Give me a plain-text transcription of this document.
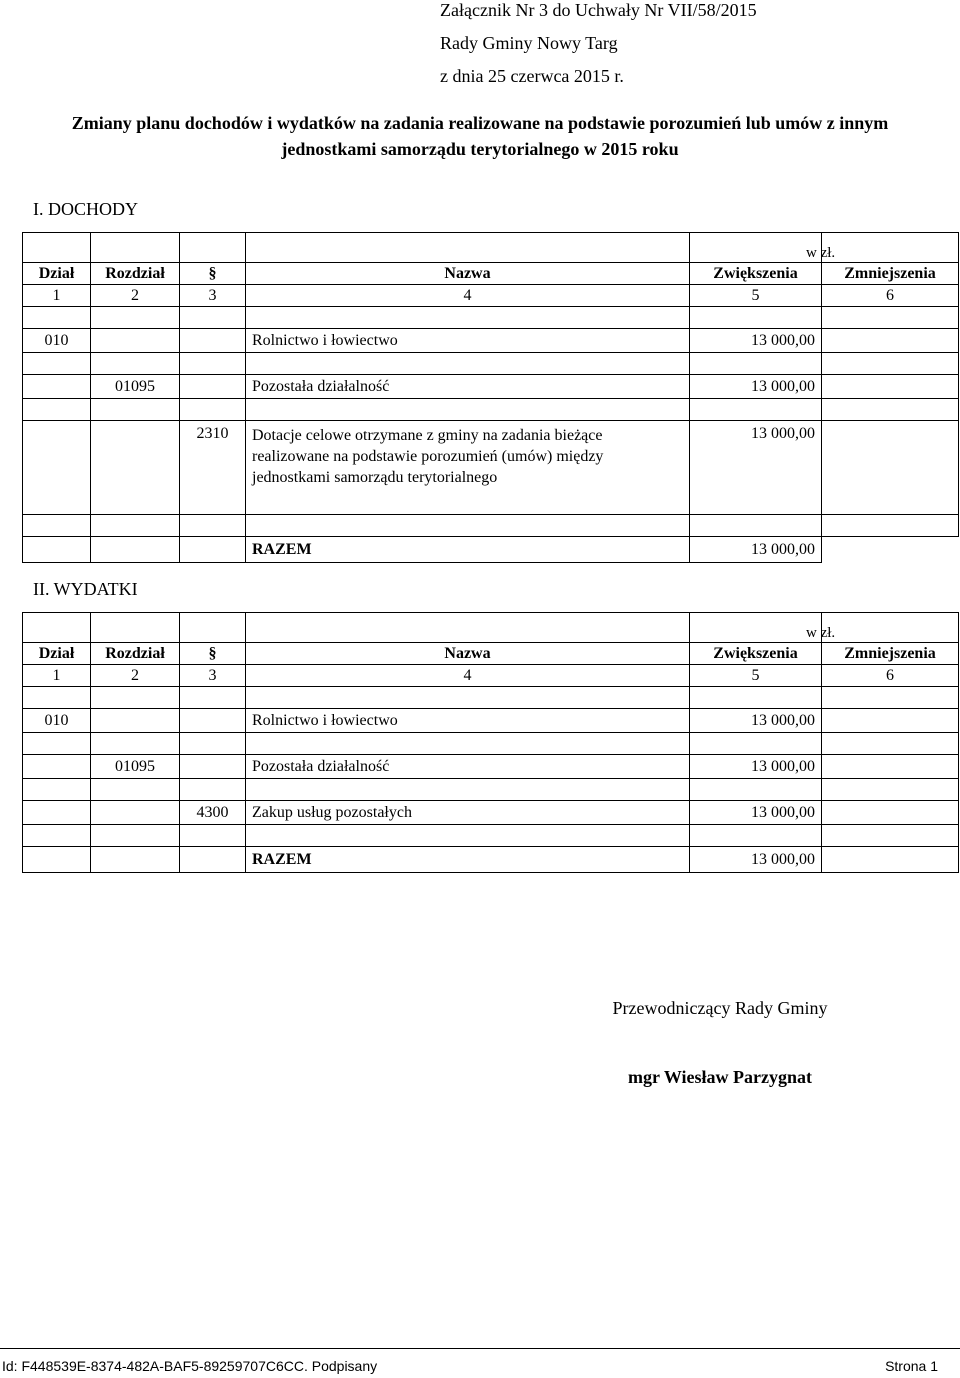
Załącznik Nr 3 do Uchwały Nr VII/58/2015
Rady Gminy Nowy Targ
z dnia 25 czerwca 2015 r.
Zmiany planu dochodów i wydatków na zadania realizowane na podstawie porozumień lub umów z innym
jednostkami samorządu terytorialnego w 2015 roku
I. DOCHODY

					w zł.

Dział	Rozdział	§	Nazwa	Zwiększenia	Zmniejszenia
1	2	3	4	5	6

010			Rolnictwo i łowiectwo	13 000,00	

	01095		Pozostała działalność	13 000,00	

		2310	Dotacje celowe otrzymane z gminy na zadania bieżące realizowane na podstawie porozumień (umów) między jednostkami samorządu terytorialnego	13 000,00	

			RAZEM	13 000,00	
II. WYDATKI

					w zł.

Dział	Rozdział	§	Nazwa	Zwiększenia	Zmniejszenia
1	2	3	4	5	6

010			Rolnictwo i łowiectwo	13 000,00	

	01095		Pozostała działalność	13 000,00	

		4300	Zakup usług pozostałych	13 000,00	

			RAZEM	13 000,00	
Przewodniczący Rady Gminy
mgr Wiesław Parzygnat
Id: F448539E-8374-482A-BAF5-89259707C6CC. Podpisany	Strona 1
